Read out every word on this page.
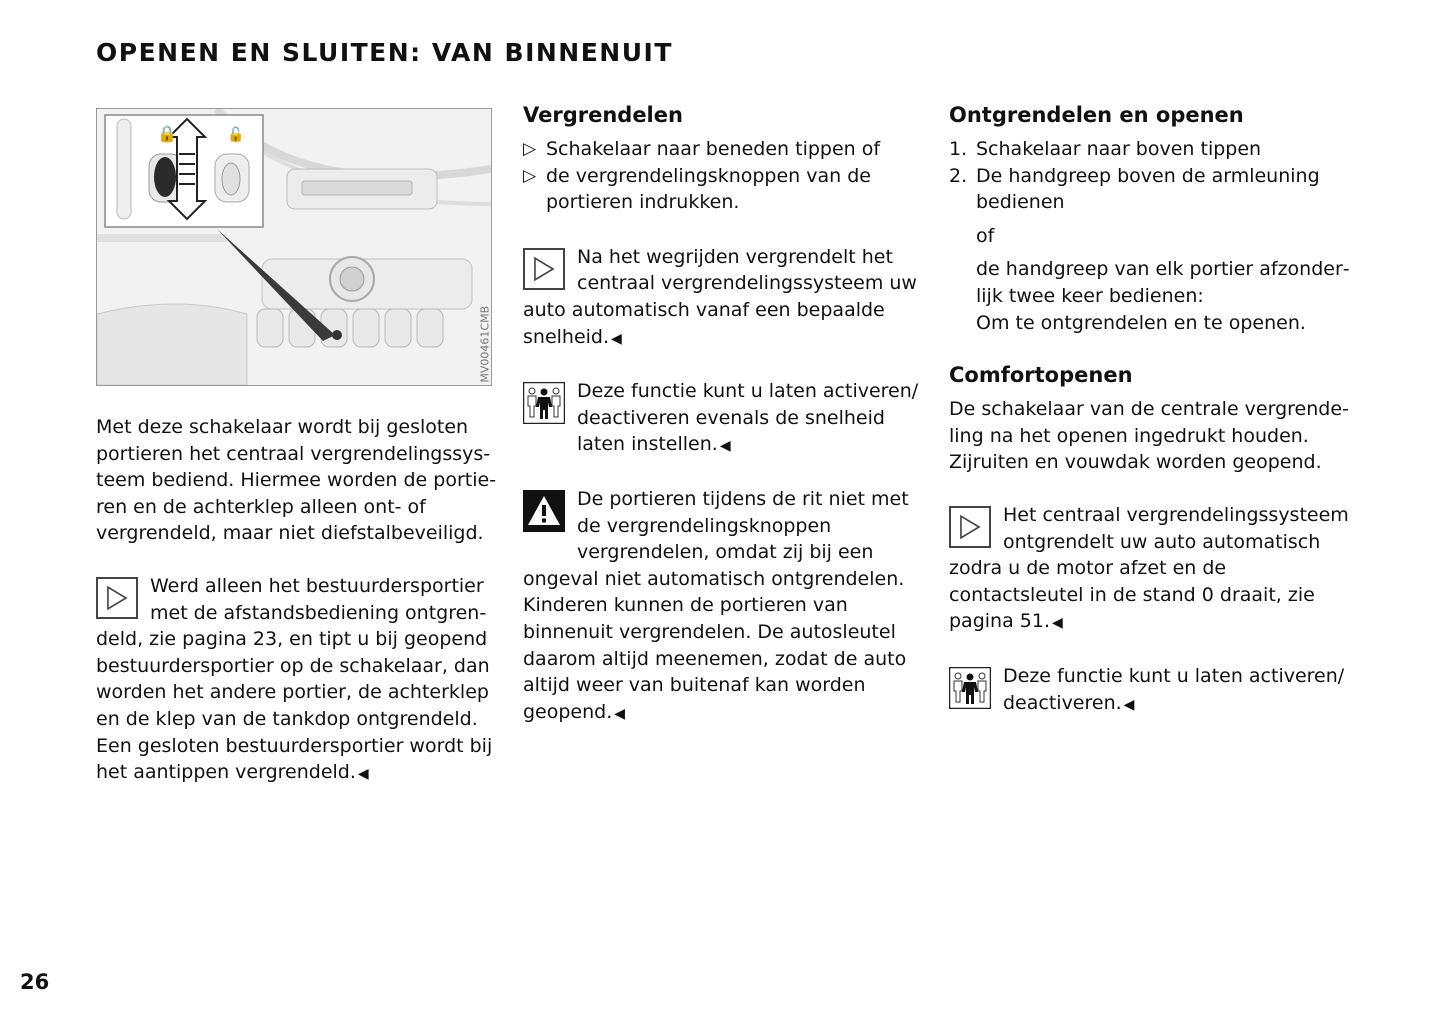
OPENEN EN SLUITEN: VAN BINNENUIT
🔒	🔓
MV00461CMB

Met deze schakelaar wordt bij gesloten portieren het centraal vergrendelingssysteem bediend. Hiermee worden de portieren en de achterklep alleen ont- of vergrendeld, maar niet diefstalbeveiligd.

Werd alleen het bestuurdersportier met de afstandsbediening ontgrendeld, zie pagina 23, en tipt u bij geopend bestuurdersportier op de schakelaar, dan worden het andere portier, de achterklep en de klep van de tankdop ontgrendeld. Een gesloten bestuurdersportier wordt bij het aantippen vergrendeld. ◀
Vergrendelen
▷ Schakelaar naar beneden tippen of
▷ de vergrendelingsknoppen van de portieren indrukken.
Na het wegrijden vergrendelt het centraal vergrendelingssysteem uw auto automatisch vanaf een bepaalde snelheid. ◀
Deze functie kunt u laten activeren/ deactiveren evenals de snelheid laten instellen. ◀
De portieren tijdens de rit niet met de vergrendelingsknoppen vergrendelen, omdat zij bij een ongeval niet automatisch ontgrendelen. Kinderen kunnen de portieren van binnenuit vergrendelen. De autosleutel daarom altijd meenemen, zodat de auto altijd weer van buitenaf kan worden geopend. ◀
Ontgrendelen en openen
1. Schakelaar naar boven tippen
2. De handgreep boven de armleuning bedienen

of

de handgreep van elk portier afzonderlijk twee keer bedienen:

Om te ontgrendelen en te openen.

Comfortopenen

De schakelaar van de centrale vergrendeling na het openen ingedrukt houden. Zijruiten en vouwdak worden geopend.

Het centraal vergrendelingssysteem ontgrendelt uw auto automatisch zodra u de motor afzet en de contactsleutel in de stand 0 draait, zie pagina 51. ◀
Deze functie kunt u laten activeren/ deactiveren. ◀
26
